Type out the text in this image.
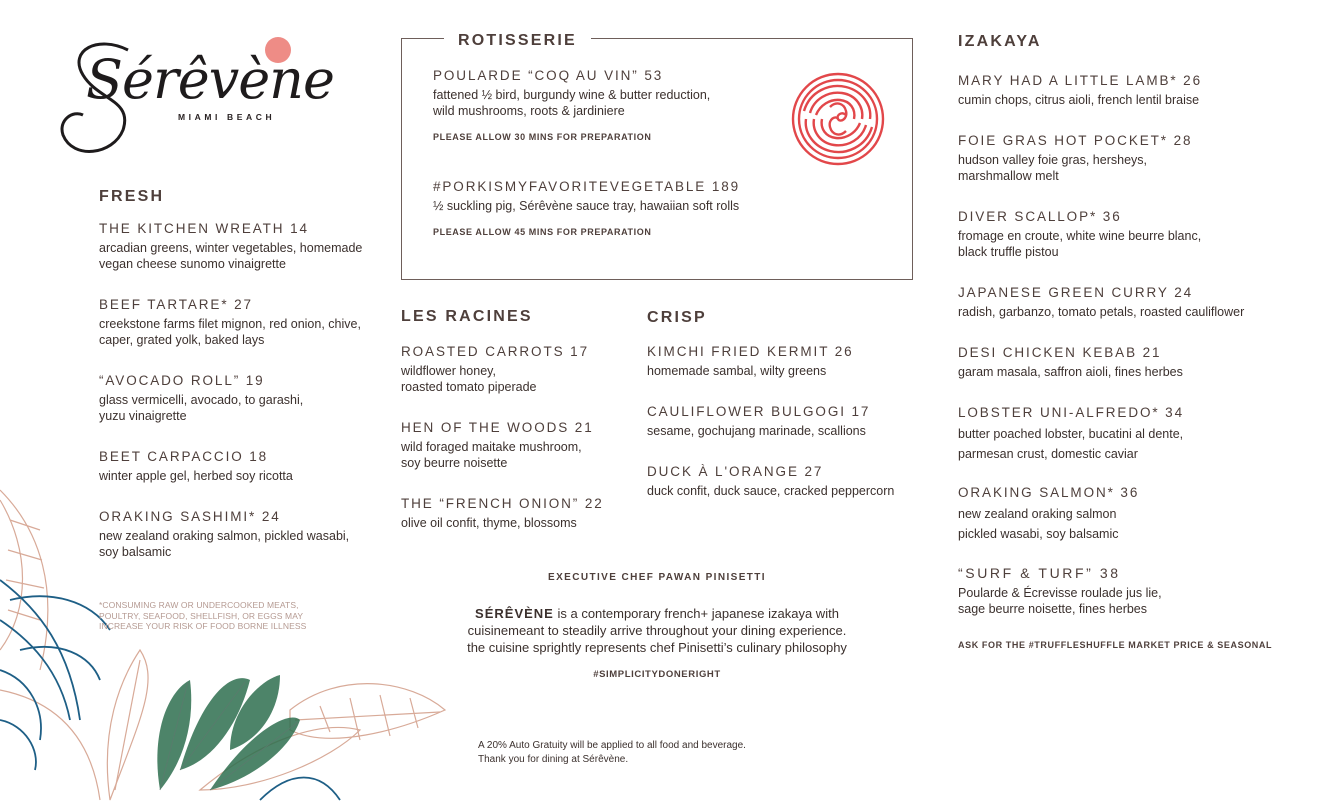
Sérêvène
MIAMI BEACH
FRESH
THE KITCHEN WREATH 14
arcadian greens, winter vegetables, homemade
vegan cheese sunomo vinaigrette
BEEF TARTARE* 27
creekstone farms filet mignon, red onion, chive,
caper, grated yolk, baked lays
“AVOCADO ROLL” 19
glass vermicelli, avocado, to garashi,
yuzu vinaigrette
BEET CARPACCIO 18
winter apple gel, herbed soy ricotta
ORAKING SASHIMI* 24
new zealand oraking salmon, pickled wasabi,
soy balsamic
*CONSUMING RAW OR UNDERCOOKED MEATS,
POULTRY, SEAFOOD, SHELLFISH, OR EGGS MAY
INCREASE YOUR RISK OF FOOD BORNE ILLNESS
ROTISSERIE
POULARDE “COQ AU VIN” 53
fattened ½ bird, burgundy wine & butter reduction,
wild mushrooms, roots & jardiniere
PLEASE ALLOW 30 MINS FOR PREPARATION
#PORKISMYFAVORITEVEGETABLE 189
½ suckling pig, Sérêvène sauce tray, hawaiian soft rolls
PLEASE ALLOW 45 MINS FOR PREPARATION
LES RACINES
ROASTED CARROTS 17
wildflower honey,
roasted tomato piperade
HEN OF THE WOODS 21
wild foraged maitake mushroom,
soy beurre noisette
THE “FRENCH ONION” 22
olive oil confit, thyme, blossoms
CRISP
KIMCHI FRIED KERMIT 26
homemade sambal, wilty greens
CAULIFLOWER BULGOGI 17
sesame, gochujang marinade, scallions
DUCK À L'ORANGE 27
duck confit, duck sauce, cracked peppercorn
EXECUTIVE CHEF PAWAN PINISETTI
SÉRÊVÈNE is a contemporary french+ japanese izakaya with
cuisinemeant to steadily arrive throughout your dining experience.
the cuisine sprightly represents chef Pinisetti’s culinary philosophy
#SIMPLICITYDONERIGHT
A 20% Auto Gratuity will be applied to all food and beverage.
Thank you for dining at Sérêvène.
IZAKAYA
MARY HAD A LITTLE LAMB* 26
cumin chops, citrus aioli, french lentil braise
FOIE GRAS HOT POCKET* 28
hudson valley foie gras, hersheys,
marshmallow melt
DIVER SCALLOP* 36
fromage en croute, white wine beurre blanc,
black truffle pistou
JAPANESE GREEN CURRY 24
radish, garbanzo, tomato petals, roasted cauliflower
DESI CHICKEN KEBAB 21
garam masala, saffron aioli, fines herbes
LOBSTER UNI-ALFREDO* 34
butter poached lobster, bucatini al dente,
parmesan crust, domestic caviar
ORAKING SALMON* 36
new zealand oraking salmon
pickled wasabi, soy balsamic
“SURF & TURF” 38
Poularde & Écrevisse roulade jus lie,
sage beurre noisette, fines herbes
ASK FOR THE #TRUFFLESHUFFLE MARKET PRICE & SEASONAL
